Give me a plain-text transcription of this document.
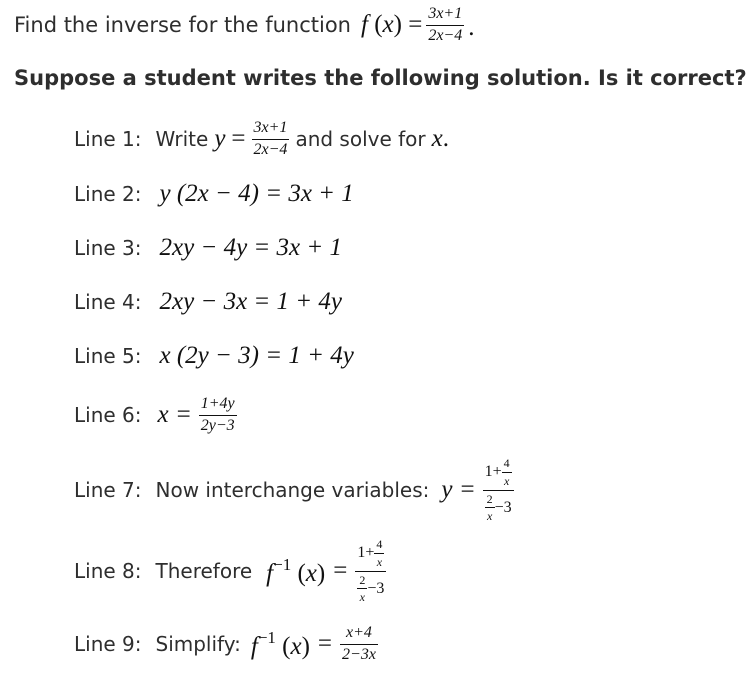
Find the inverse for the function f $(x) = \frac{3x+1}{2x-4}$ .
Suppose a student writes the following solution. Is it correct?
Line 1: Write $y = \frac{3x+1}{2x-4}$ and solve for x .
Line 2: y (2x − 4) = 3x + 1
Line 3: 2xy − 4y = 3x + 1
Line 4: 2xy − 3x = 1 + 4y
Line 5: x (2y − 3) = 1 + 4y
Line 6: $x = \frac{1+4y}{2y-3}$
Line 7: Now interchange variables: $y = \frac{1+ \frac{4}{x}}{\frac{2}{x} -3}$
Line 8: Therefore $f^{-1}$ $(x) = \frac{1+ \frac{4}{x}}{\frac{2}{x} -3}$
Line 9: Simplify: $f^{-1}$ $(x) = \frac{x+4}{2-3x}$
